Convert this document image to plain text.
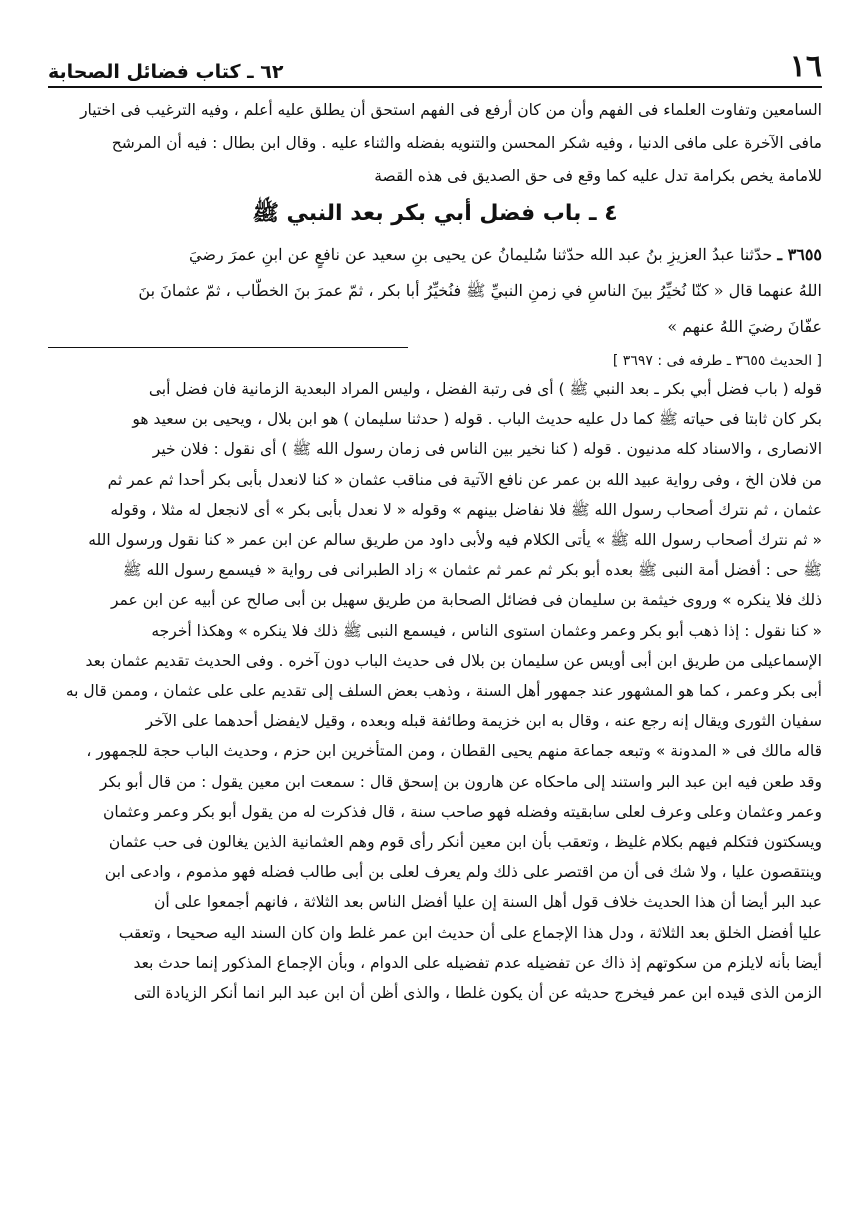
١٦
٦٢ ـ كتاب فضائل الصحابة

السامعين وتفاوت العلماء فى الفهم وأن من كان أرفع فى الفهم استحق أن يطلق عليه أعلم ، وفيه الترغيب فى اختيار

مافى الآخرة على مافى الدنيا ، وفيه شكر المحسن والتنويه بفضله والثناء عليه . وقال ابن بطال : فيه أن المرشح

للامامة يخص بكرامة تدل عليه كما وقع فى حق الصديق فى هذه القصة

٤ ـ باب فضل أبي بكر بعد النبي ﷺ

٣٦٥٥ ـ حدّثنا عبدُ العزيزِ بنُ عبد الله حدّثنا سُليمانُ عن يحيى بنِ سعيد عن نافعٍ عن ابنِ عمرَ رضيَ

اللهُ عنهما قال « كنّا نُخيِّرُ بينَ الناسِ في زمنِ النبيِّ ﷺ فنُخيِّرُ أبا بكر ، ثمّ عمرَ بنَ الخطّاب ، ثمّ عثمانَ بنَ

عفّانَ رضيَ اللهُ عنهم »

[ الحديث ٣٦٥٥ ـ طرفه فى : ٣٦٩٧ ]

قوله ( باب فضل أبي بكر ـ بعد النبي ﷺ ) أى فى رتبة الفضل ، وليس المراد البعدية الزمانية فان فضل أبى

بكر كان ثابتا فى حياته ﷺ كما دل عليه حديث الباب . قوله ( حدثنا سليمان ) هو ابن بلال ، ويحيى بن سعيد هو

الانصارى ، والاسناد كله مدنيون . قوله ( كنا نخير بين الناس فى زمان رسول الله ﷺ ) أى نقول : فلان خير

من فلان الخ ، وفى رواية عبيد الله بن عمر عن نافع الآتية فى مناقب عثمان « كنا لانعدل بأبى بكر أحدا ثم عمر ثم

عثمان ، ثم نترك أصحاب رسول الله ﷺ فلا نفاضل بينهم » وقوله « لا نعدل بأبى بكر » أى لانجعل له مثلا ، وقوله

« ثم نترك أصحاب رسول الله ﷺ » يأتى الكلام فيه ولأبى داود من طريق سالم عن ابن عمر « كنا نقول ورسول الله

ﷺ حى : أفضل أمة النبى ﷺ بعده أبو بكر ثم عمر ثم عثمان » زاد الطبرانى فى رواية « فيسمع رسول الله ﷺ

ذلك فلا ينكره » وروى خيثمة بن سليمان فى فضائل الصحابة من طريق سهيل بن أبى صالح عن أبيه عن ابن عمر

« كنا نقول : إذا ذهب أبو بكر وعمر وعثمان استوى الناس ، فيسمع النبى ﷺ ذلك فلا ينكره » وهكذا أخرجه

الإسماعيلى من طريق ابن أبى أويس عن سليمان بن بلال فى حديث الباب دون آخره . وفى الحديث تقديم عثمان بعد

أبى بكر وعمر ، كما هو المشهور عند جمهور أهل السنة ، وذهب بعض السلف إلى تقديم على على عثمان ، وممن قال به

سفيان الثورى ويقال إنه رجع عنه ، وقال به ابن خزيمة وطائفة قبله وبعده ، وقيل لايفضل أحدهما على الآخر

قاله مالك فى « المدونة » وتبعه جماعة منهم يحيى القطان ، ومن المتأخرين ابن حزم ، وحديث الباب حجة للجمهور ،

وقد طعن فيه ابن عبد البر واستند إلى ماحكاه عن هارون بن إسحق قال : سمعت ابن معين يقول : من قال أبو بكر

وعمر وعثمان وعلى وعرف لعلى سابقيته وفضله فهو صاحب سنة ، قال فذكرت له من يقول أبو بكر وعمر وعثمان

ويسكتون فتكلم فيهم بكلام غليظ ، وتعقب بأن ابن معين أنكر رأى قوم وهم العثمانية الذين يغالون فى حب عثمان

وينتقصون عليا ، ولا شك فى أن من اقتصر على ذلك ولم يعرف لعلى بن أبى طالب فضله فهو مذموم ، وادعى ابن

عبد البر أيضا أن هذا الحديث خلاف قول أهل السنة إن عليا أفضل الناس بعد الثلاثة ، فانهم أجمعوا على أن

عليا أفضل الخلق بعد الثلاثة ، ودل هذا الإجماع على أن حديث ابن عمر غلط وان كان السند اليه صحيحا ، وتعقب

أيضا بأنه لايلزم من سكوتهم إذ ذاك عن تفضيله عدم تفضيله على الدوام ، وبأن الإجماع المذكور إنما حدث بعد

الزمن الذى قيده ابن عمر فيخرج حديثه عن أن يكون غلطا ، والذى أظن أن ابن عبد البر انما أنكر الزيادة التى
